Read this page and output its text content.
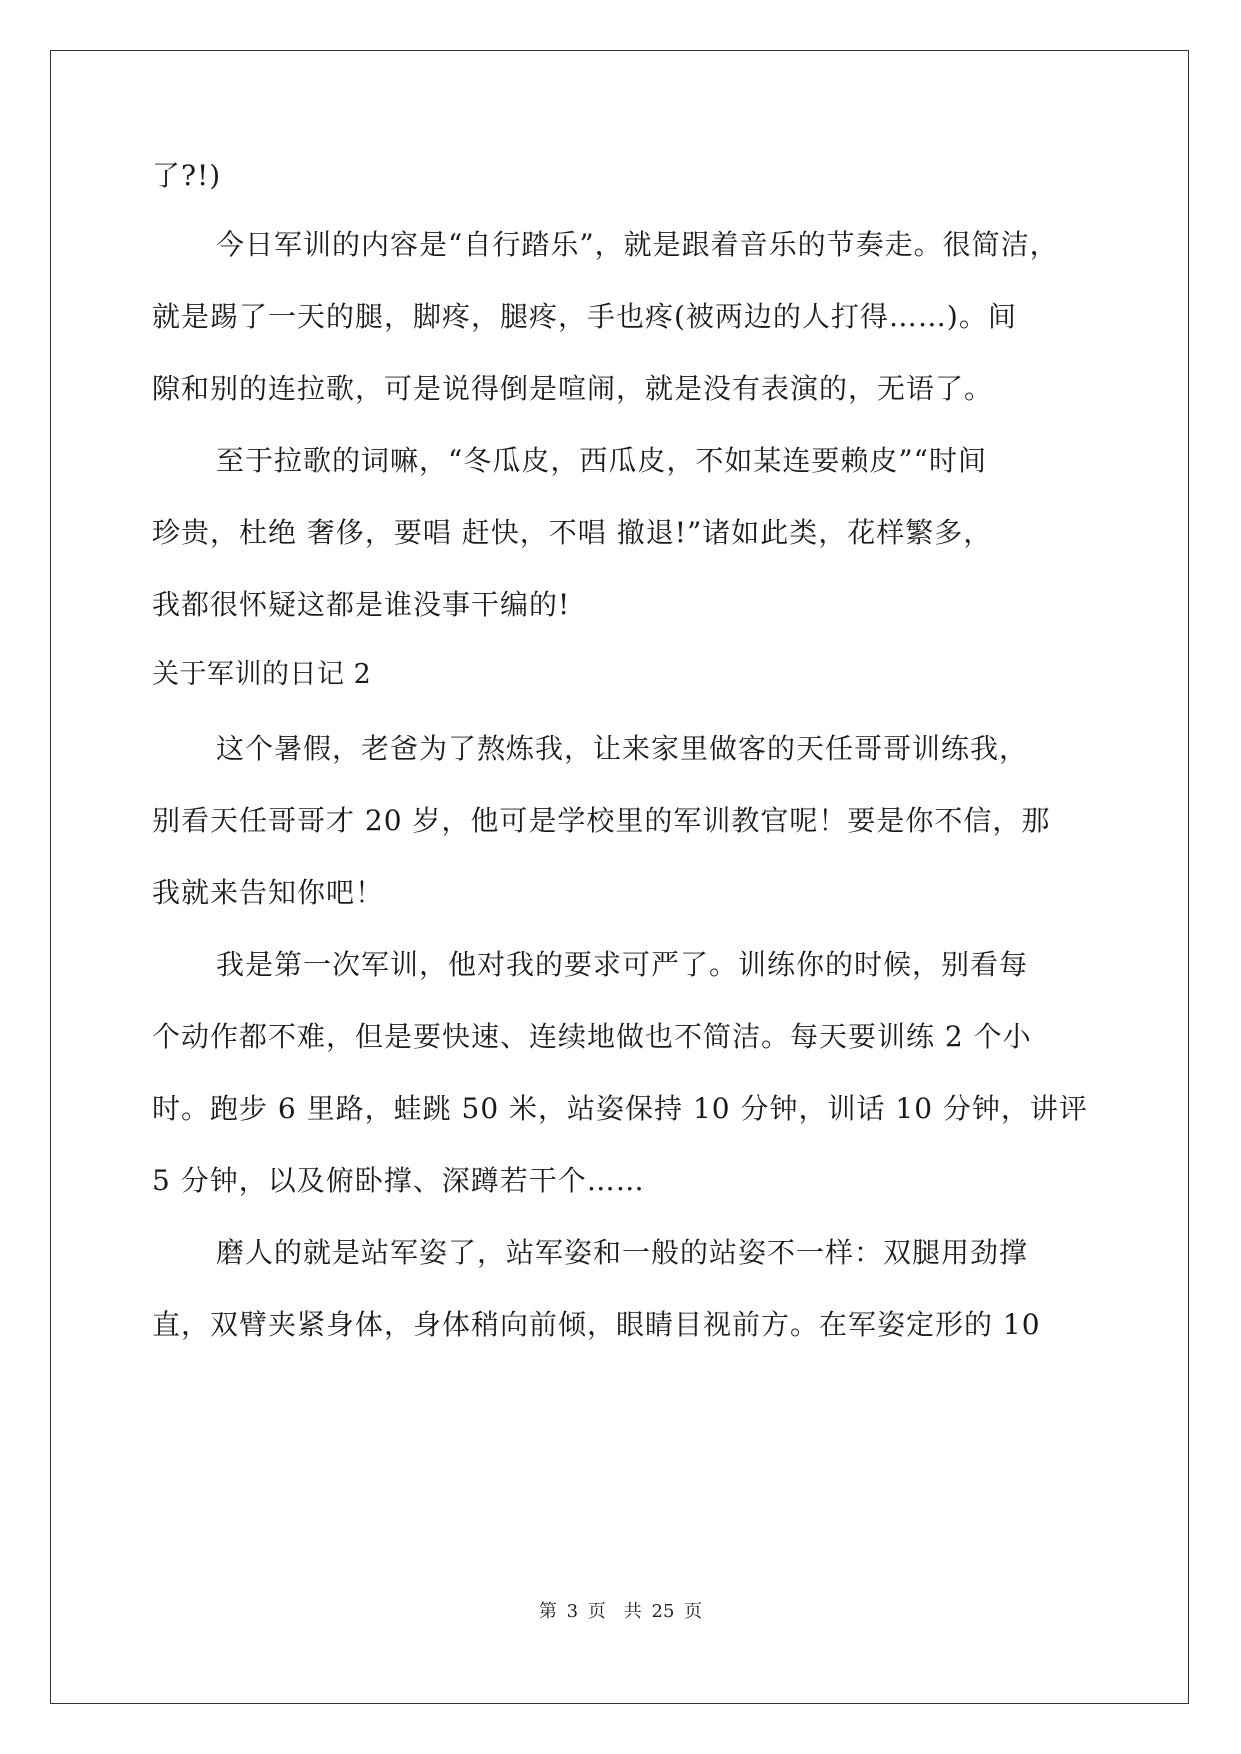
了?!)
今日军训的内容是“自行踏乐”，就是跟着音乐的节奏走。很简洁，
就是踢了一天的腿，脚疼，腿疼，手也疼(被两边的人打得……)。间
隙和别的连拉歌，可是说得倒是喧闹，就是没有表演的，无语了。
至于拉歌的词嘛，“冬瓜皮，西瓜皮，不如某连要赖皮”“时间
珍贵，杜绝 奢侈，要唱 赶快，不唱 撤退!”诸如此类，花样繁多，
我都很怀疑这都是谁没事干编的!
关于军训的日记 2
这个暑假，老爸为了熬炼我，让来家里做客的天任哥哥训练我，
别看天任哥哥才 20 岁，他可是学校里的军训教官呢！要是你不信，那
我就来告知你吧！
我是第一次军训，他对我的要求可严了。训练你的时候，别看每
个动作都不难，但是要快速、连续地做也不简洁。每天要训练 2 个小
时。跑步 6 里路，蛙跳 50 米，站姿保持 10 分钟，训话 10 分钟，讲评
5 分钟，以及俯卧撑、深蹲若干个……
磨人的就是站军姿了，站军姿和一般的站姿不一样：双腿用劲撑
直，双臂夹紧身体，身体稍向前倾，眼睛目视前方。在军姿定形的 10
第 3 页　共 25 页
